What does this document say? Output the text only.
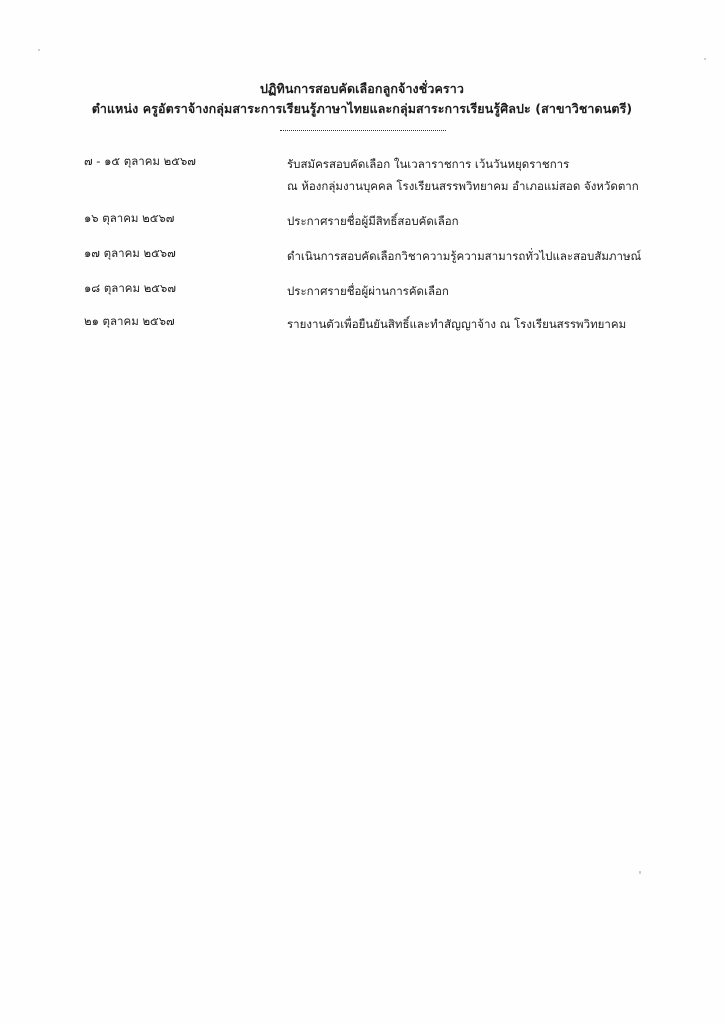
ปฏิทินการสอบคัดเลือกลูกจ้างชั่วคราว
ตำแหน่ง ครูอัตราจ้างกลุ่มสาระการเรียนรู้ภาษาไทยและกลุ่มสาระการเรียนรู้ศิลปะ (สาขาวิชาดนตรี)
๗ - ๑๕ ตุลาคม ๒๕๖๗	รับสมัครสอบคัดเลือก ในเวลาราชการ เว้นวันหยุดราชการ
ณ ห้องกลุ่มงานบุคคล โรงเรียนสรรพวิทยาคม อำเภอแม่สอด จังหวัดตาก
๑๖ ตุลาคม ๒๕๖๗	ประกาศรายชื่อผู้มีสิทธิ์สอบคัดเลือก
๑๗ ตุลาคม ๒๕๖๗	ดำเนินการสอบคัดเลือกวิชาความรู้ความสามารถทั่วไปและสอบสัมภาษณ์
๑๘ ตุลาคม ๒๕๖๗	ประกาศรายชื่อผู้ผ่านการคัดเลือก
๒๑ ตุลาคม ๒๕๖๗	รายงานตัวเพื่อยืนยันสิทธิ์และทำสัญญาจ้าง ณ โรงเรียนสรรพวิทยาคม
